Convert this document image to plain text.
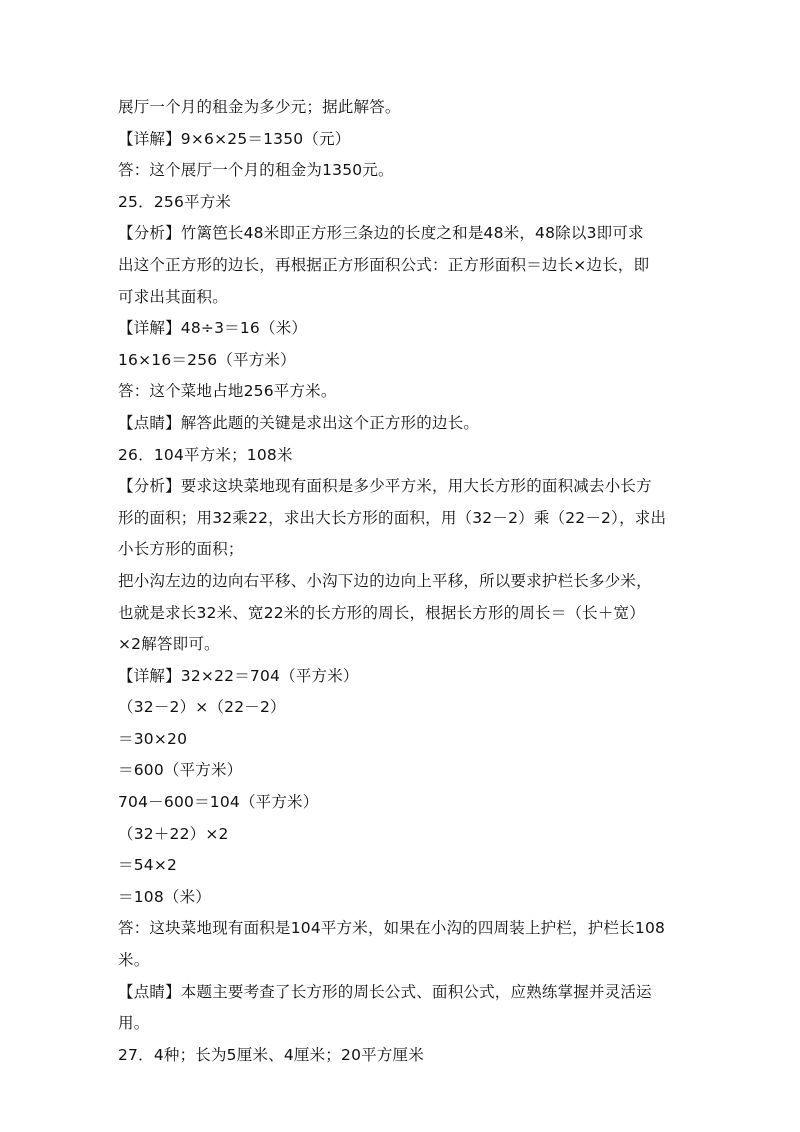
展厅一个月的租金为多少元；据此解答。
【详解】9×6×25＝1350（元）
答：这个展厅一个月的租金为1350元。
25．256平方米
【分析】竹篱笆长48米即正方形三条边的长度之和是48米，48除以3即可求
出这个正方形的边长，再根据正方形面积公式：正方形面积＝边长×边长，即
可求出其面积。
【详解】48÷3＝16（米）
16×16＝256（平方米）
答：这个菜地占地256平方米。
【点睛】解答此题的关键是求出这个正方形的边长。
26．104平方米；108米
【分析】要求这块菜地现有面积是多少平方米，用大长方形的面积减去小长方
形的面积；用32乘22，求出大长方形的面积，用（32－2）乘（22－2），求出
小长方形的面积；
把小沟左边的边向右平移、小沟下边的边向上平移，所以要求护栏长多少米，
也就是求长32米、宽22米的长方形的周长，根据长方形的周长＝（长＋宽）
×2解答即可。
【详解】32×22＝704（平方米）
（32－2）×（22－2）
＝30×20
＝600（平方米）
704－600＝104（平方米）
（32＋22）×2
＝54×2
＝108（米）
答：这块菜地现有面积是104平方米，如果在小沟的四周装上护栏，护栏长108
米。
【点睛】本题主要考查了长方形的周长公式、面积公式，应熟练掌握并灵活运
用。
27．4种；长为5厘米、4厘米；20平方厘米
